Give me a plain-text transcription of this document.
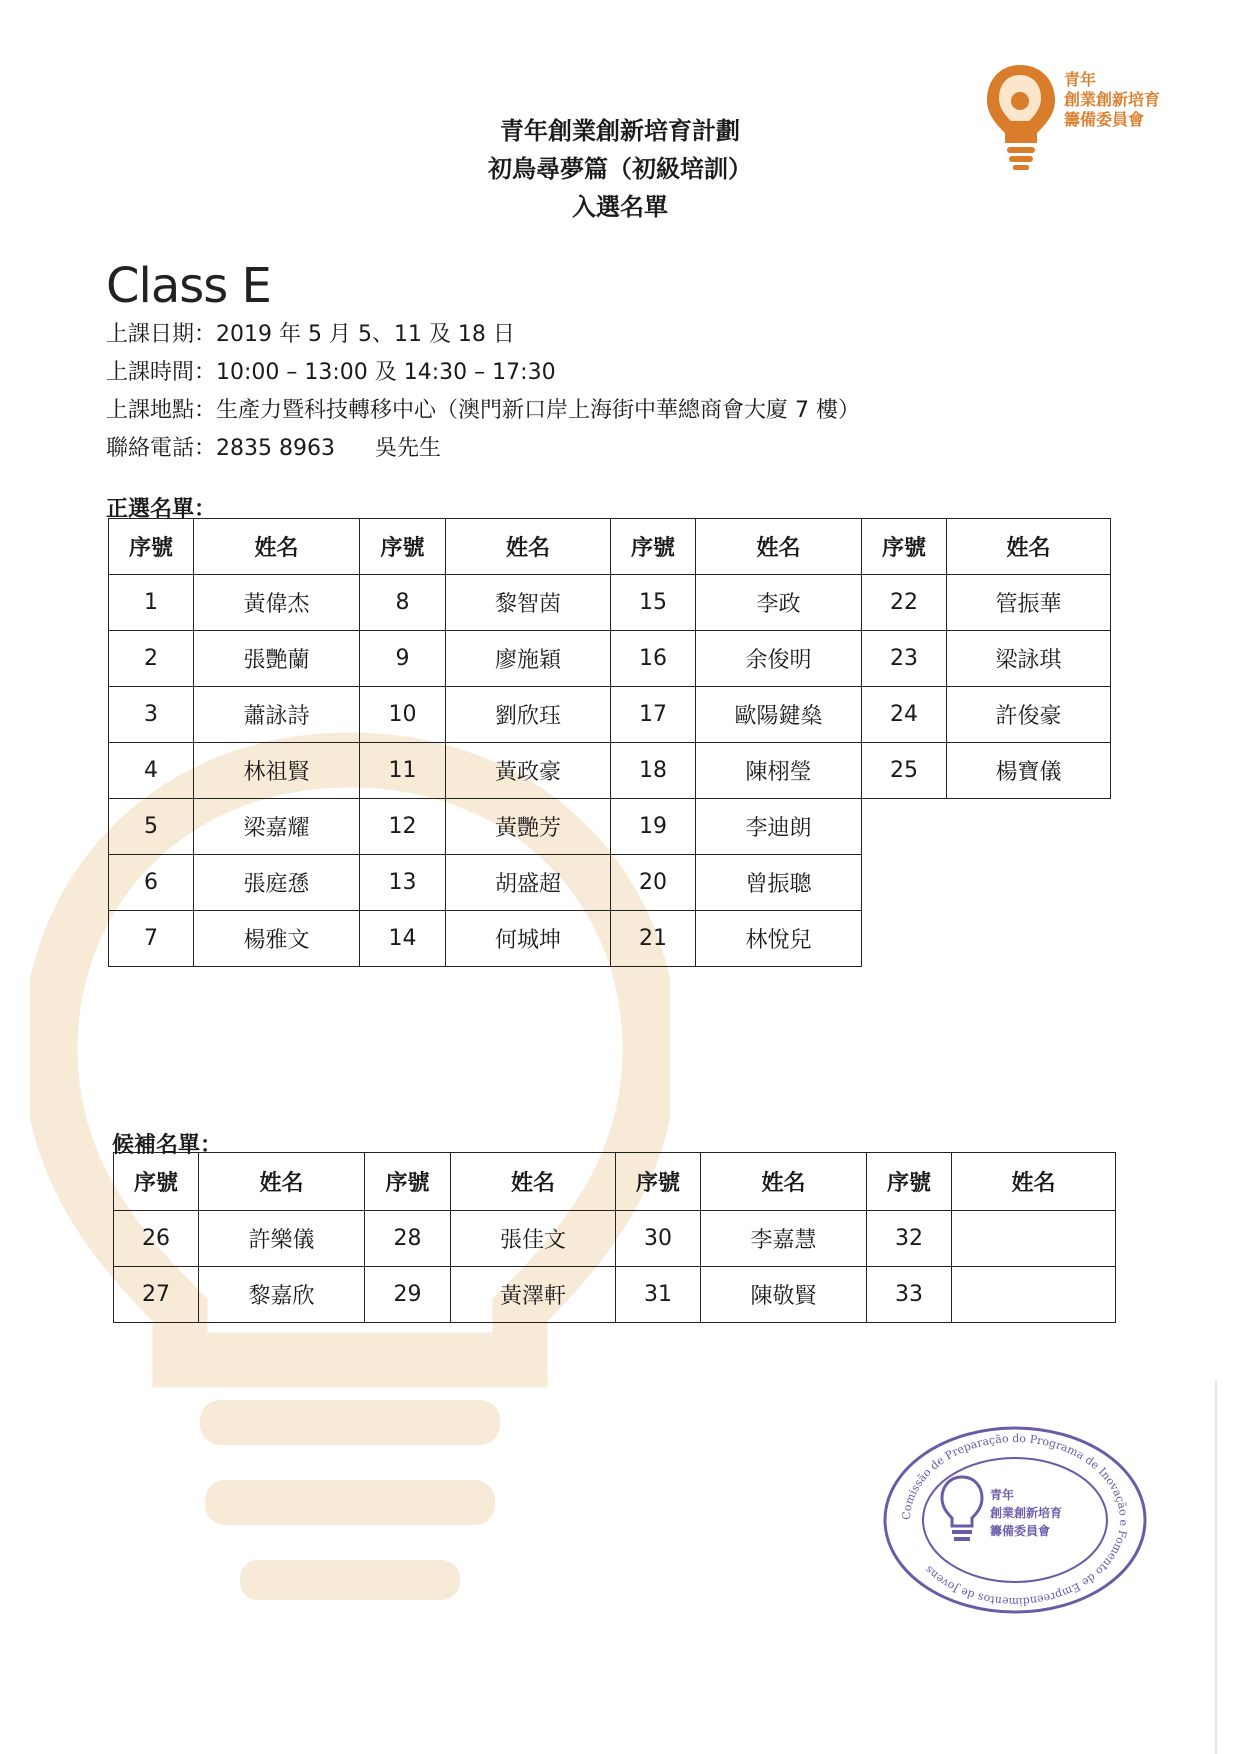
青年
創業創新培育
籌備委員會
青年創業創新培育計劃
初鳥尋夢篇（初級培訓）
入選名單
Class E
上課日期：2019 年 5 月 5、11 及 18 日
上課時間：10:00 – 13:00 及 14:30 – 17:30
上課地點：生產力暨科技轉移中心（澳門新口岸上海街中華總商會大廈 7 樓）
聯絡電話：2835 8963 吳先生
正選名單：
序號	姓名	序號	姓名	序號	姓名	序號	姓名
1	黃偉杰	8	黎智茵	15	李政	22	管振華
2	張艷蘭	9	廖施穎	16	余俊明	23	梁詠琪
3	蕭詠詩	10	劉欣珏	17	歐陽鍵燊	24	許俊豪
4	林祖賢	11	黃政豪	18	陳栩瑩	25	楊寶儀
5	梁嘉耀	12	黃艷芳	19	李迪朗		
6	張庭愻	13	胡盛超	20	曾振聰		
7	楊雅文	14	何城坤	21	林悅兒		
候補名單：
序號	姓名	序號	姓名	序號	姓名	序號	姓名
26	許樂儀	28	張佳文	30	李嘉慧	32	
27	黎嘉欣	29	黃澤軒	31	陳敬賢	33	
Comissão de Preparação do Programa de Inovação e Fomento de Empreendimentos de Jovens
青年
創業創新培育
籌備委員會
